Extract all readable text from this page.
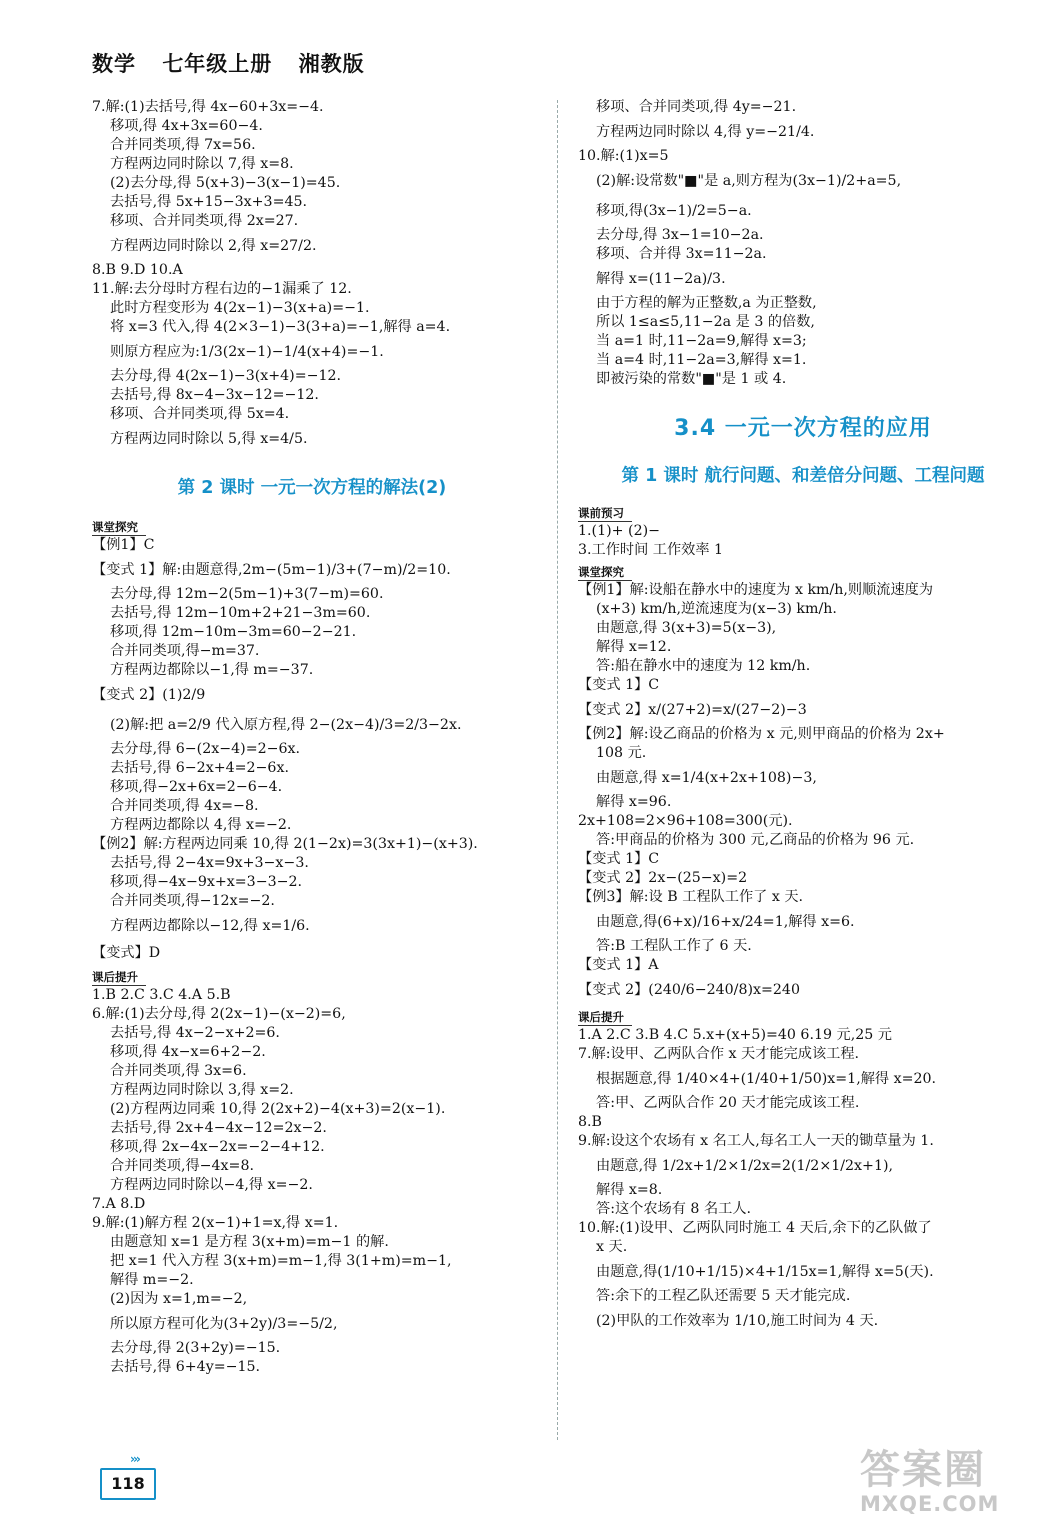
数学 七年级上册 湘教版

7.解:(1)去括号,得 4x−60+3x=−4.

移项,得 4x+3x=60−4.

合并同类项,得 7x=56.

方程两边同时除以 7,得 x=8.

(2)去分母,得 5(x+3)−3(x−1)=45.

去括号,得 5x+15−3x+3=45.

移项、合并同类项,得 2x=27.

方程两边同时除以 2,得 x=27/2.

8.B 9.D 10.A

11.解:去分母时方程右边的−1漏乘了 12.

此时方程变形为 4(2x−1)−3(x+a)=−1.

将 x=3 代入,得 4(2×3−1)−3(3+a)=−1,解得 a=4.

则原方程应为:1/3(2x−1)−1/4(x+4)=−1.

去分母,得 4(2x−1)−3(x+4)=−12.

去括号,得 8x−4−3x−12=−12.

移项、合并同类项,得 5x=4.

方程两边同时除以 5,得 x=4/5.

第 2 课时 一元一次方程的解法(2)
课堂探究

【例1】C

【变式 1】解:由题意得,2m−(5m−1)/3+(7−m)/2=10.

去分母,得 12m−2(5m−1)+3(7−m)=60.

去括号,得 12m−10m+2+21−3m=60.

移项,得 12m−10m−3m=60−2−21.

合并同类项,得−m=37.

方程两边都除以−1,得 m=−37.

【变式 2】(1)2/9

(2)解:把 a=2/9 代入原方程,得 2−(2x−4)/3=2/3−2x.

去分母,得 6−(2x−4)=2−6x.

去括号,得 6−2x+4=2−6x.

移项,得−2x+6x=2−6−4.

合并同类项,得 4x=−8.

方程两边都除以 4,得 x=−2.

【例2】解:方程两边同乘 10,得 2(1−2x)=3(3x+1)−(x+3).

去括号,得 2−4x=9x+3−x−3.

移项,得−4x−9x+x=3−3−2.

合并同类项,得−12x=−2.

方程两边都除以−12,得 x=1/6.

【变式】D

课后提升

1.B 2.C 3.C 4.A 5.B

6.解:(1)去分母,得 2(2x−1)−(x−2)=6,

去括号,得 4x−2−x+2=6.

移项,得 4x−x=6+2−2.

合并同类项,得 3x=6.

方程两边同时除以 3,得 x=2.

(2)方程两边同乘 10,得 2(2x+2)−4(x+3)=2(x−1).

去括号,得 2x+4−4x−12=2x−2.

移项,得 2x−4x−2x=−2−4+12.

合并同类项,得−4x=8.

方程两边同时除以−4,得 x=−2.

7.A 8.D

9.解:(1)解方程 2(x−1)+1=x,得 x=1.

由题意知 x=1 是方程 3(x+m)=m−1 的解.

把 x=1 代入方程 3(x+m)=m−1,得 3(1+m)=m−1,

解得 m=−2.

(2)因为 x=1,m=−2,

所以原方程可化为(3+2y)/3=−5/2,

去分母,得 2(3+2y)=−15.

去括号,得 6+4y=−15.

移项、合并同类项,得 4y=−21.

方程两边同时除以 4,得 y=−21/4.

10.解:(1)x=5

(2)解:设常数"■"是 a,则方程为(3x−1)/2+a=5,

移项,得(3x−1)/2=5−a.

去分母,得 3x−1=10−2a.

移项、合并得 3x=11−2a.

解得 x=(11−2a)/3.

由于方程的解为正整数,a 为正整数,

所以 1≤a≤5,11−2a 是 3 的倍数,

当 a=1 时,11−2a=9,解得 x=3;

当 a=4 时,11−2a=3,解得 x=1.

即被污染的常数"■"是 1 或 4.

3.4 一元一次方程的应用
第 1 课时 航行问题、和差倍分问题、工程问题
课前预习

1.(1)+ (2)−

3.工作时间 工作效率 1

课堂探究

【例1】解:设船在静水中的速度为 x km/h,则顺流速度为

(x+3) km/h,逆流速度为(x−3) km/h.

由题意,得 3(x+3)=5(x−3),

解得 x=12.

答:船在静水中的速度为 12 km/h.

【变式 1】C

【变式 2】x/(27+2)=x/(27−2)−3

【例2】解:设乙商品的价格为 x 元,则甲商品的价格为 2x+

108 元.

由题意,得 x=1/4(x+2x+108)−3,

解得 x=96.

2x+108=2×96+108=300(元).

答:甲商品的价格为 300 元,乙商品的价格为 96 元.

【变式 1】C

【变式 2】2x−(25−x)=2

【例3】解:设 B 工程队工作了 x 天.

由题意,得(6+x)/16+x/24=1,解得 x=6.

答:B 工程队工作了 6 天.

【变式 1】A

【变式 2】(240/6−240/8)x=240

课后提升

1.A 2.C 3.B 4.C 5.x+(x+5)=40 6.19 元,25 元

7.解:设甲、乙两队合作 x 天才能完成该工程.

根据题意,得 1/40×4+(1/40+1/50)x=1,解得 x=20.

答:甲、乙两队合作 20 天才能完成该工程.

8.B

9.解:设这个农场有 x 名工人,每名工人一天的锄草量为 1.

由题意,得 1/2x+1/2×1/2x=2(1/2×1/2x+1),

解得 x=8.

答:这个农场有 8 名工人.

10.解:(1)设甲、乙两队同时施工 4 天后,余下的乙队做了

x 天.

由题意,得(1/10+1/15)×4+1/15x=1,解得 x=5(天).

答:余下的工程乙队还需要 5 天才能完成.

(2)甲队的工作效率为 1/10,施工时间为 4 天.

›››
118	答案圈
MXQE.COM
